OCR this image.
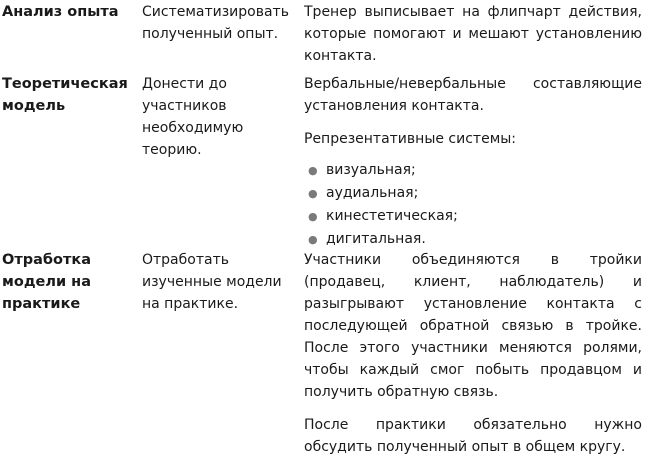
Анализ опыта	Систематизировать полученный опыт.

Тренер выписывает на флипчарт действия, которые помогают и мешают установлению контакта.

Теоретическая модель
Донести до участников необходимую теорию.

Вербальные/невербальные составляющие установления контакта.

Репрезентативные системы:

● визуальная;
● аудиальная;
● кинестетическая;
● дигитальная.
Отработка модели на практике
Отработать изученные модели на практике.

Участники объединяются в тройки (продавец, клиент, наблюдатель) и разыгрывают установление контакта с последующей обратной связью в тройке. После этого участники меняются ролями, чтобы каждый смог побыть продавцом и получить обратную связь.

После практики обязательно нужно обсудить полученный опыт в общем кругу.
